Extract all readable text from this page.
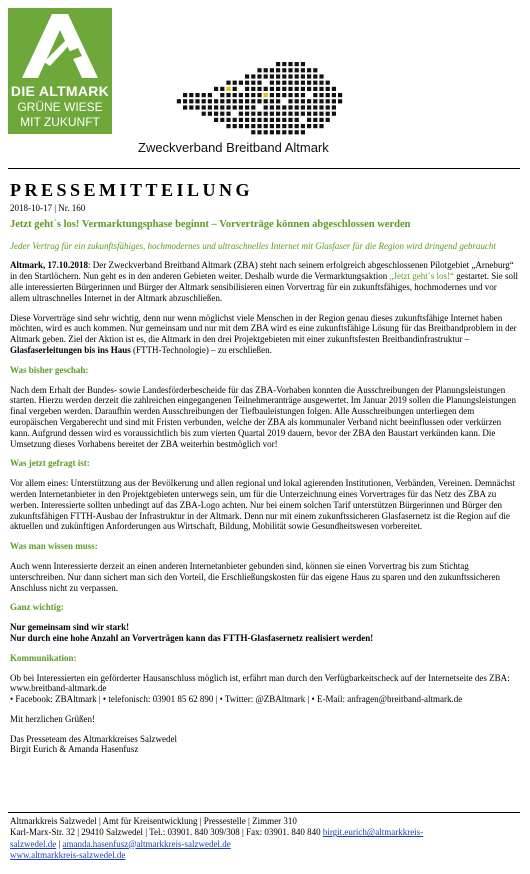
DIE ALTMARK
GRÜNE WIESE
MIT ZUKUNFT
Zweckverband Breitband Altmark
PRESSEMITTEILUNG
2018-10-17 | Nr. 160

Jetzt geht´s los! Vermarktungsphase beginnt – Vorverträge können abgeschlossen werden

Jeder Vertrag für ein zukunftsfähiges, hochmodernes und ultraschnelles Internet mit Glasfaser für die Region wird dringend gebraucht

Altmark, 17.10.2018: Der Zweckverband Breitband Altmark (ZBA) steht nach seinem erfolgreich abgeschlossenen Pilotgebiet „Arneburg“ in den Startlöchern. Nun geht es in den anderen Gebieten weiter. Deshalb wurde die Vermarktungsaktion „Jetzt geht´s los!“ gestartet. Sie soll alle interessierten Bürgerinnen und Bürger der Altmark sensibilisieren einen Vorvertrag für ein zukunftsfähiges, hochmodernes und vor allem ultraschnelles Internet in der Altmark abzuschließen.

Diese Vorverträge sind sehr wichtig, denn nur wenn möglichst viele Menschen in der Region genau dieses zukunftsfähige Internet haben möchten, wird es auch kommen. Nur gemeinsam und nur mit dem ZBA wird es eine zukunftsfähige Lösung für das Breitbandproblem in der Altmark geben. Ziel der Aktion ist es, die Altmark in den drei Projektgebieten mit einer zukunftsfesten Breitbandinfrastruktur – Glasfaserleitungen bis ins Haus (FTTH-Technologie) – zu erschließen.

Was bisher geschah:

Nach dem Erhalt der Bundes- sowie Landesförderbescheide für das ZBA-Vorhaben konnten die Ausschreibungen der Planungsleistungen starten. Hierzu werden derzeit die zahlreichen eingegangenen Teilnehmeranträge ausgewertet. Im Januar 2019 sollen die Planungsleistungen final vergeben werden. Daraufhin werden Ausschreibungen der Tiefbauleistungen folgen. Alle Ausschreibungen unterliegen dem europäischen Vergaberecht und sind mit Fristen verbunden, welche der ZBA als kommunaler Verband nicht beeinflussen oder verkürzen kann. Aufgrund dessen wird es voraussichtlich bis zum vierten Quartal 2019 dauern, bevor der ZBA den Baustart verkünden kann. Die Umsetzung dieses Vorhabens bereitet der ZBA weiterhin bestmöglich vor!

Was jetzt gefragt ist:

Vor allem eines: Unterstützung aus der Bevölkerung und allen regional und lokal agierenden Institutionen, Verbänden, Vereinen. Demnächst werden Internetanbieter in den Projektgebieten unterwegs sein, um für die Unterzeichnung eines Vorvertrages für das Netz des ZBA zu werben. Interessierte sollten unbedingt auf das ZBA-Logo achten. Nur bei einem solchen Tarif unterstützen Bürgerinnen und Bürger den zukunftsfähigen FTTH-Ausbau der Infrastruktur in der Altmark. Denn nur mit einem zukunftssicheren Glasfasernetz ist die Region auf die aktuellen und zukünftigen Anforderungen aus Wirtschaft, Bildung, Mobilität sowie Gesundheitswesen vorbereitet.

Was man wissen muss:

Auch wenn Interessierte derzeit an einen anderen Internetanbieter gebunden sind, können sie einen Vorvertrag bis zum Stichtag unterschreiben. Nur dann sichert man sich den Vorteil, die Erschließungskosten für das eigene Haus zu sparen und den zukunftssicheren Anschluss nicht zu verpassen.

Ganz wichtig:

Nur gemeinsam sind wir stark!

Nur durch eine hohe Anzahl an Vorverträgen kann das FTTH-Glasfasernetz realisiert werden!

Kommunikation:

Ob bei Interessierten ein geförderter Hausanschluss möglich ist, erfährt man durch den Verfügbarkeitscheck auf der Internetseite des ZBA: www.breitband-altmark.de

• Facebook: ZBAltmark | • telefonisch: 03901 85 62 890 | • Twitter: @ZBAltmark | • E-Mail: anfragen@breitband-altmark.de

Mit herzlichen Grüßen!

Das Presseteam des Altmarkkreises Salzwedel

Birgit Eurich & Amanda Hasenfusz

Altmarkkreis Salzwedel | Amt für Kreisentwicklung | Pressestelle | Zimmer 310
Karl-Marx-Str. 32 | 29410 Salzwedel | Tel.: 03901. 840 309/308 | Fax: 03901. 840 840 birgit.eurich@altmarkkreis-
salzwedel.de | amanda.hasenfusz@altmarkkreis-salzwedel.de
www.altmarkkreis-salzwedel.de
